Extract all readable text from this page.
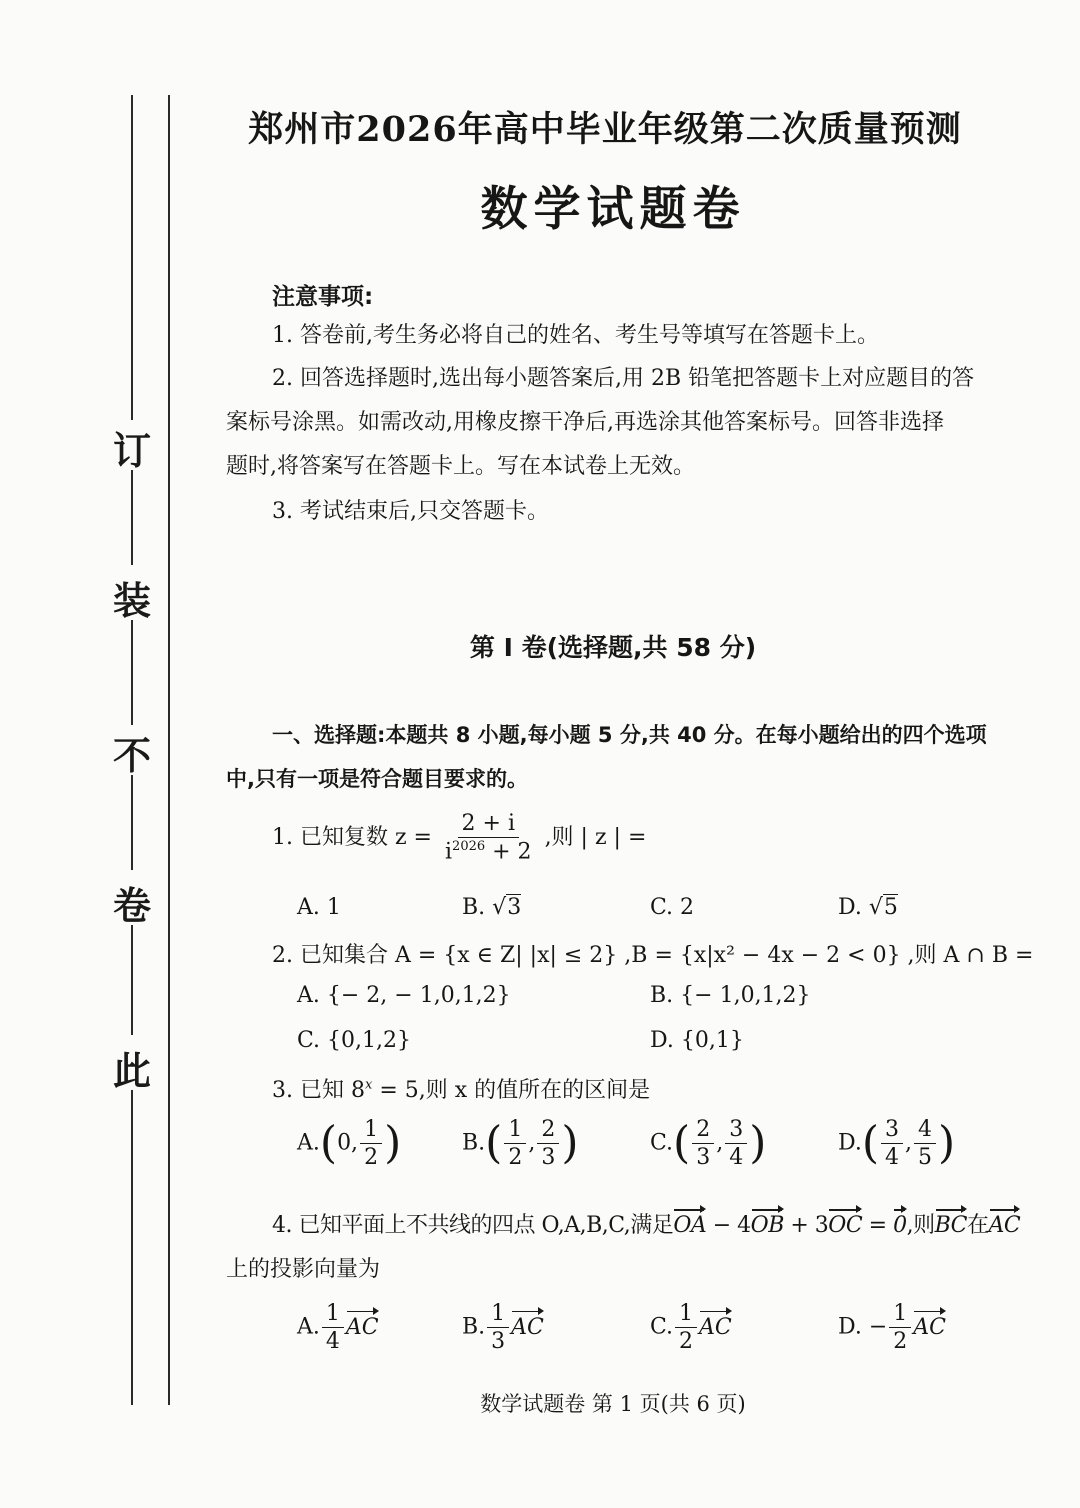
订
装
不
卷
此
郑州市2026年高中毕业年级第二次质量预测
数学试题卷
注意事项:
1. 答卷前,考生务必将自己的姓名、考生号等填写在答题卡上。
2. 回答选择题时,选出每小题答案后,用 2B 铅笔把答题卡上对应题目的答
案标号涂黑。如需改动,用橡皮擦干净后,再选涂其他答案标号。回答非选择
题时,将答案写在答题卡上。写在本试卷上无效。
3. 考试结束后,只交答题卡。
第 Ⅰ 卷(选择题,共 58 分)
一、选择题:本题共 8 小题,每小题 5 分,共 40 分。在每小题给出的四个选项
中,只有一项是符合题目要求的。
1. 已知复数 $z = \frac{2 + i}{i^{2026} + 2}$ ,则 | z | =
A. 1	B. √3	C. 2	D. √5
2. 已知集合 A = {x ∈ Z| |x| ≤ 2} ,B = {x|x² − 4x − 2 < 0} ,则 A ∩ B =
A. {− 2, − 1,0,1,2}	B. {− 1,0,1,2}
C. {0,1,2}	D. {0,1}
3. 已知 $8^x = 5$,则 x 的值所在的区间是
A.(0, $\frac{1}{2}$ )	$B.( \frac{1}{2}$ , $\frac{2}{3}$ )	$C.( \frac{2}{3}$ , $\frac{3}{4}$ )	$D.( \frac{3}{4}$ , $\frac{4}{5}$ )
4. 已知平面上不共线的四点 O,A,B,C,满足OA − 4OB + 3OC = 0,则BC在AC
上的投影向量为
A. $\frac{1}{4}$ AC	B. $\frac{1}{3}$ AC	C. $\frac{1}{2}$ AC	D. − $\frac{1}{2}$ AC
数学试题卷 第 1 页(共 6 页)
